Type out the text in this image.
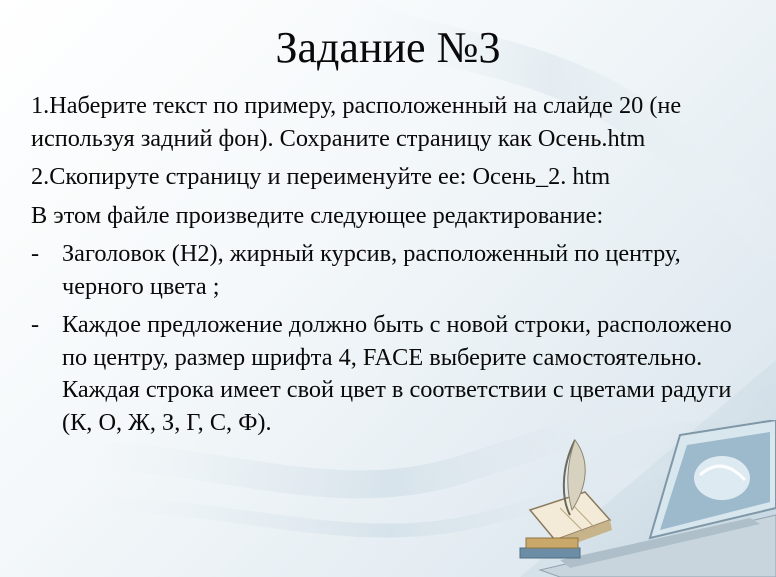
Задание №3

1.Наберите текст по примеру, расположенный на слайде 20 (не используя задний фон). Сохраните страницу как Осень.htm

2.Скопируте страницу и переименуйте ее: Осень_2. htm

В этом файле произведите следующее редактирование:

- Заголовок (H2), жирный курсив, расположенный по центру, черного цвета ;
- Каждое предложение должно быть с новой строки, расположено по центру, размер шрифта 4, FACE выберите самостоятельно. Каждая строка имеет свой цвет в соответствии с цветами радуги (К, О, Ж, З, Г, С, Ф).
